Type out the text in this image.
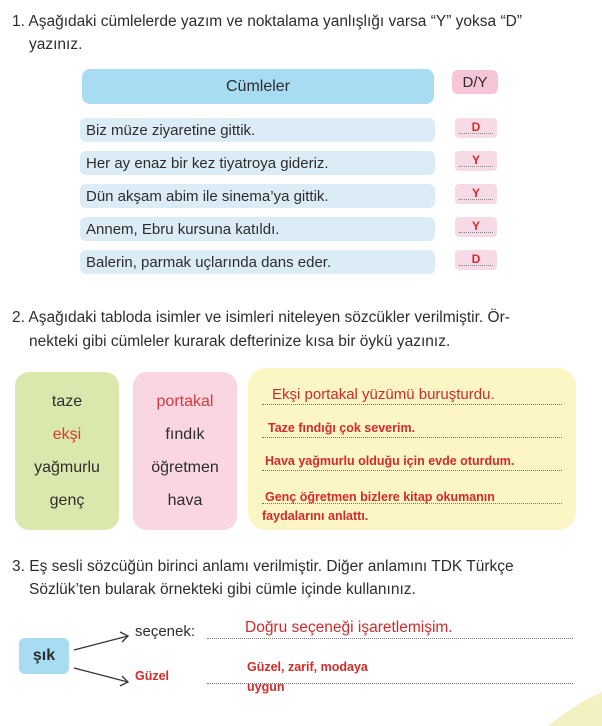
1. Aşağıdaki cümlelerde yazım ve noktalama yanlışlığı varsa “Y” yoksa “D”
yazınız.
Cümleler	D/Y
Biz müze ziyaretine gittik.	D
Her ay enaz bir kez tiyatroya gideriz.	Y
Dün akşam abim ile sinema’ya gittik.	Y
Annem, Ebru kursuna katıldı.	Y
Balerin, parmak uçlarında dans eder.	D
2. Aşağıdaki tabloda isimler ve isimleri niteleyen sözcükler verilmiştir. Ör-
nekteki gibi cümleler kurarak defterinize kısa bir öykü yazınız.
taze
ekşi
yağmurlu
genç
portakal
fındık
öğretmen
hava
Ekşi portakal yüzümü buruşturdu.
Taze fındığı çok severim.
Hava yağmurlu olduğu için evde oturdum.
Genç öğretmen bizlere kitap okumanın
faydalarını anlattı.
3. Eş sesli sözcüğün birinci anlamı verilmiştir. Diğer anlamını TDK Türkçe
Sözlük’ten bularak örnekteki gibi cümle içinde kullanınız.
şık
seçenek:	Doğru seçeneği işaretlemişim.
Güzel
Güzel, zarif, modaya
uygun
